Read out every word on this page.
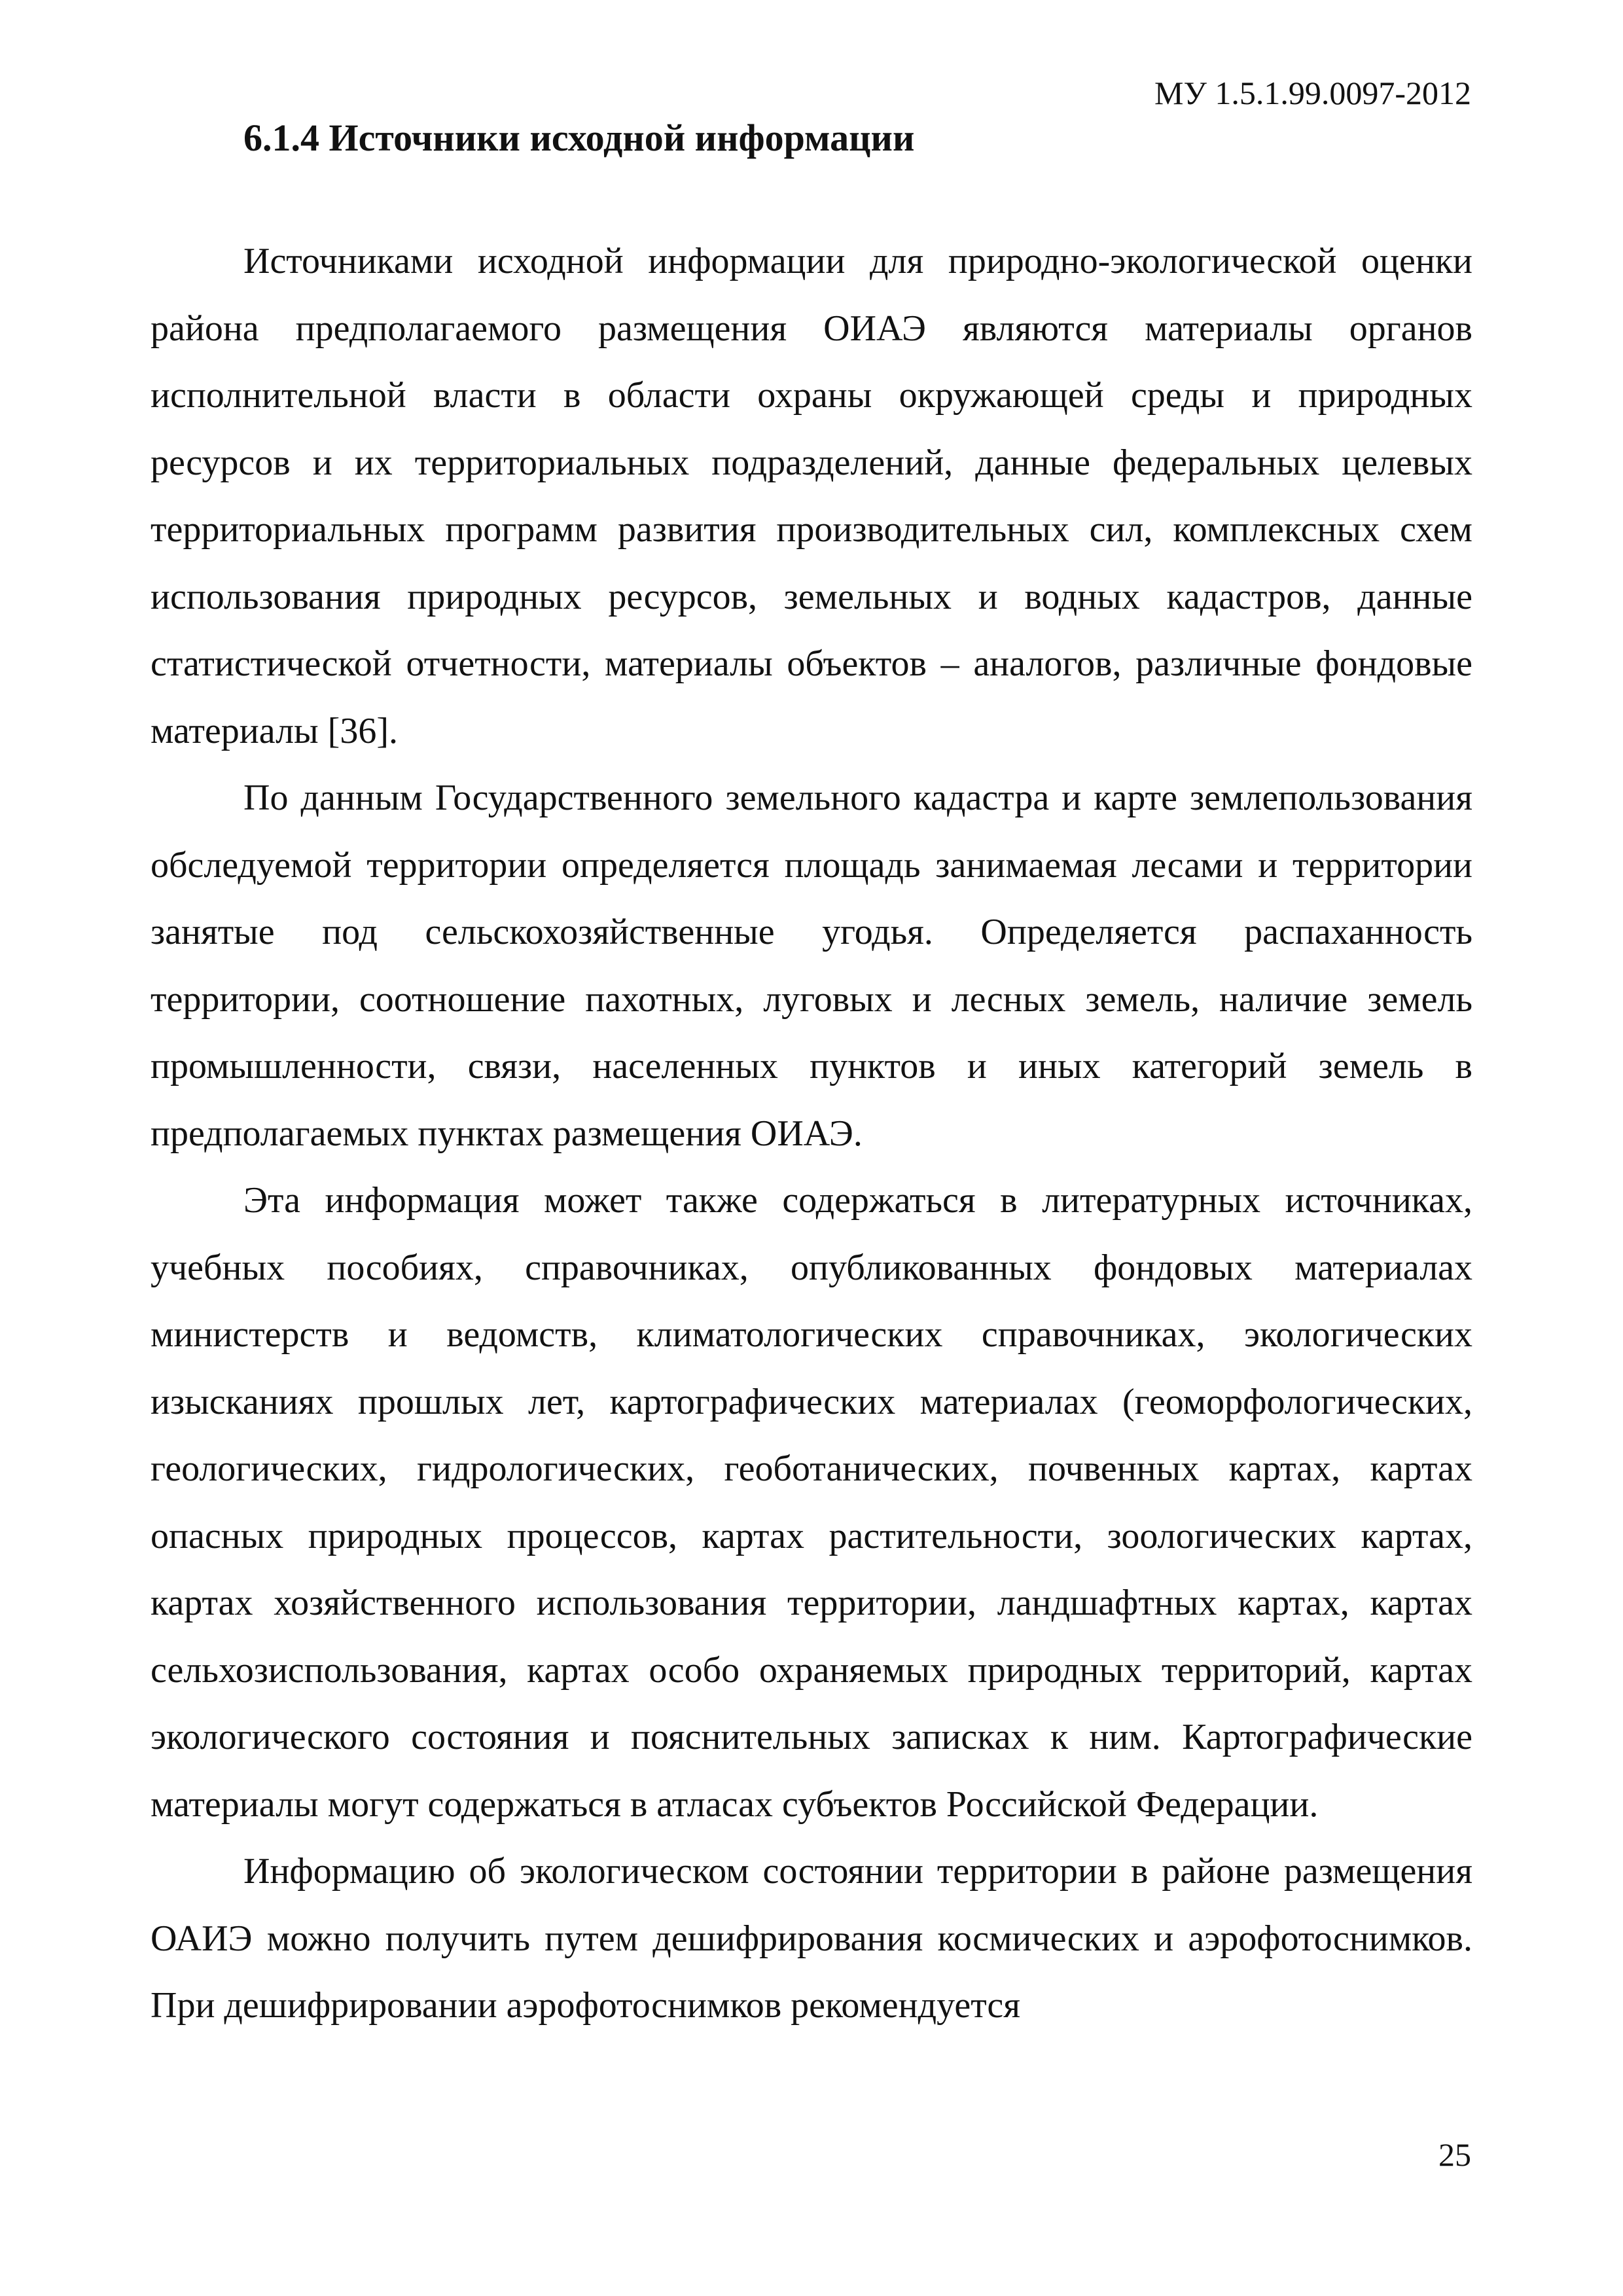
МУ 1.5.1.99.0097-2012
6.1.4 Источники исходной информации

Источниками исходной информации для природно-экологической оценки района предполагаемого размещения ОИАЭ являются материалы органов исполнительной власти в области охраны окружающей среды и природных ресурсов и их территориальных подразделений, данные федеральных целевых территориальных программ развития производительных сил, комплексных схем использования природных ресурсов, земельных и водных кадастров, данные статистической отчетности, материалы объектов – аналогов, различные фондовые материалы [36].

По данным Государственного земельного кадастра и карте землепользования обследуемой территории определяется площадь занимаемая лесами и территории занятые под сельскохозяйственные угодья. Определяется распаханность территории, соотношение пахотных, луговых и лесных земель, наличие земель промышленности, связи, населенных пунктов и иных категорий земель в предполагаемых пунктах размещения ОИАЭ.

Эта информация может также содержаться в литературных источниках, учебных пособиях, справочниках, опубликованных фондовых материалах министерств и ведомств, климатологических справочниках, экологических изысканиях прошлых лет, картографических материалах (геоморфологических, геологических, гидрологических, геоботанических, почвенных картах, картах опасных природных процессов, картах растительности, зоологических картах, картах хозяйственного использования территории, ландшафтных картах, картах сельхозиспользования, картах особо охраняемых природных территорий, картах экологического состояния и пояснительных записках к ним. Картографические материалы могут содержаться в атласах субъектов Российской Федерации.

Информацию об экологическом состоянии территории в районе размещения ОАИЭ можно получить путем дешифрирования космических и аэрофотоснимков. При дешифрировании аэрофотоснимков рекомендуется

25
